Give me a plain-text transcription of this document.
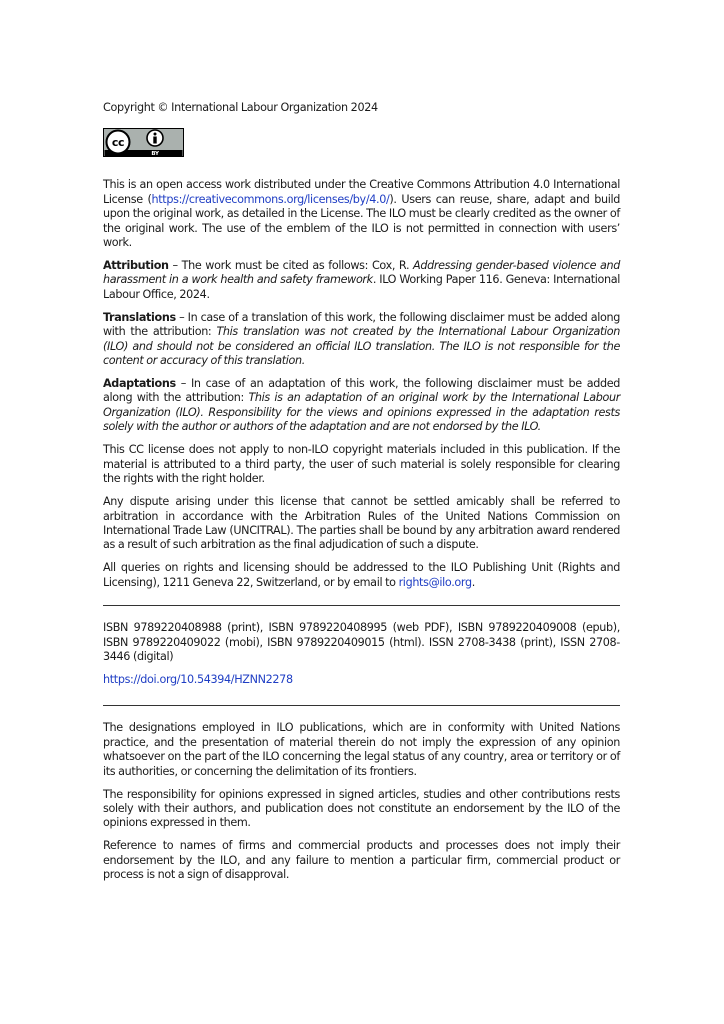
Copyright © International Labour Organization 2024

cc
BY

This is an open access work distributed under the Creative Commons Attribution 4.0 International License (https://creativecommons.org/licenses/by/4.0/). Users can reuse, share, adapt and build upon the original work, as detailed in the License. The ILO must be clearly credited as the owner of the original work. The use of the emblem of the ILO is not permitted in connection with users’ work.

Attribution – The work must be cited as follows: Cox, R. Addressing gender-based violence and harassment in a work health and safety framework. ILO Working Paper 116. Geneva: International Labour Office, 2024.

Translations – In case of a translation of this work, the following disclaimer must be added along with the attribution: This translation was not created by the International Labour Organization (ILO) and should not be considered an official ILO translation. The ILO is not responsible for the content or accuracy of this translation.

Adaptations – In case of an adaptation of this work, the following disclaimer must be added along with the attribution: This is an adaptation of an original work by the International Labour Organization (ILO). Responsibility for the views and opinions expressed in the adaptation rests solely with the author or authors of the adaptation and are not endorsed by the ILO.

This CC license does not apply to non-ILO copyright materials included in this publication. If the material is attributed to a third party, the user of such material is solely responsible for clearing the rights with the right holder.

Any dispute arising under this license that cannot be settled amicably shall be referred to arbitration in accordance with the Arbitration Rules of the United Nations Commission on International Trade Law (UNCITRAL). The parties shall be bound by any arbitration award rendered as a result of such arbitration as the final adjudication of such a dispute.

All queries on rights and licensing should be addressed to the ILO Publishing Unit (Rights and Licensing), 1211 Geneva 22, Switzerland, or by email to rights@ilo.org.

ISBN 9789220408988 (print), ISBN 9789220408995 (web PDF), ISBN 9789220409008 (epub), ISBN 9789220409022 (mobi), ISBN 9789220409015 (html). ISSN 2708-3438 (print), ISSN 2708-3446 (digital)

https://doi.org/10.54394/HZNN2278

The designations employed in ILO publications, which are in conformity with United Nations practice, and the presentation of material therein do not imply the expression of any opinion whatsoever on the part of the ILO concerning the legal status of any country, area or territory or of its authorities, or concerning the delimitation of its frontiers.

The responsibility for opinions expressed in signed articles, studies and other contributions rests solely with their authors, and publication does not constitute an endorsement by the ILO of the opinions expressed in them.

Reference to names of firms and commercial products and processes does not imply their endorsement by the ILO, and any failure to mention a particular firm, commercial product or process is not a sign of disapproval.
